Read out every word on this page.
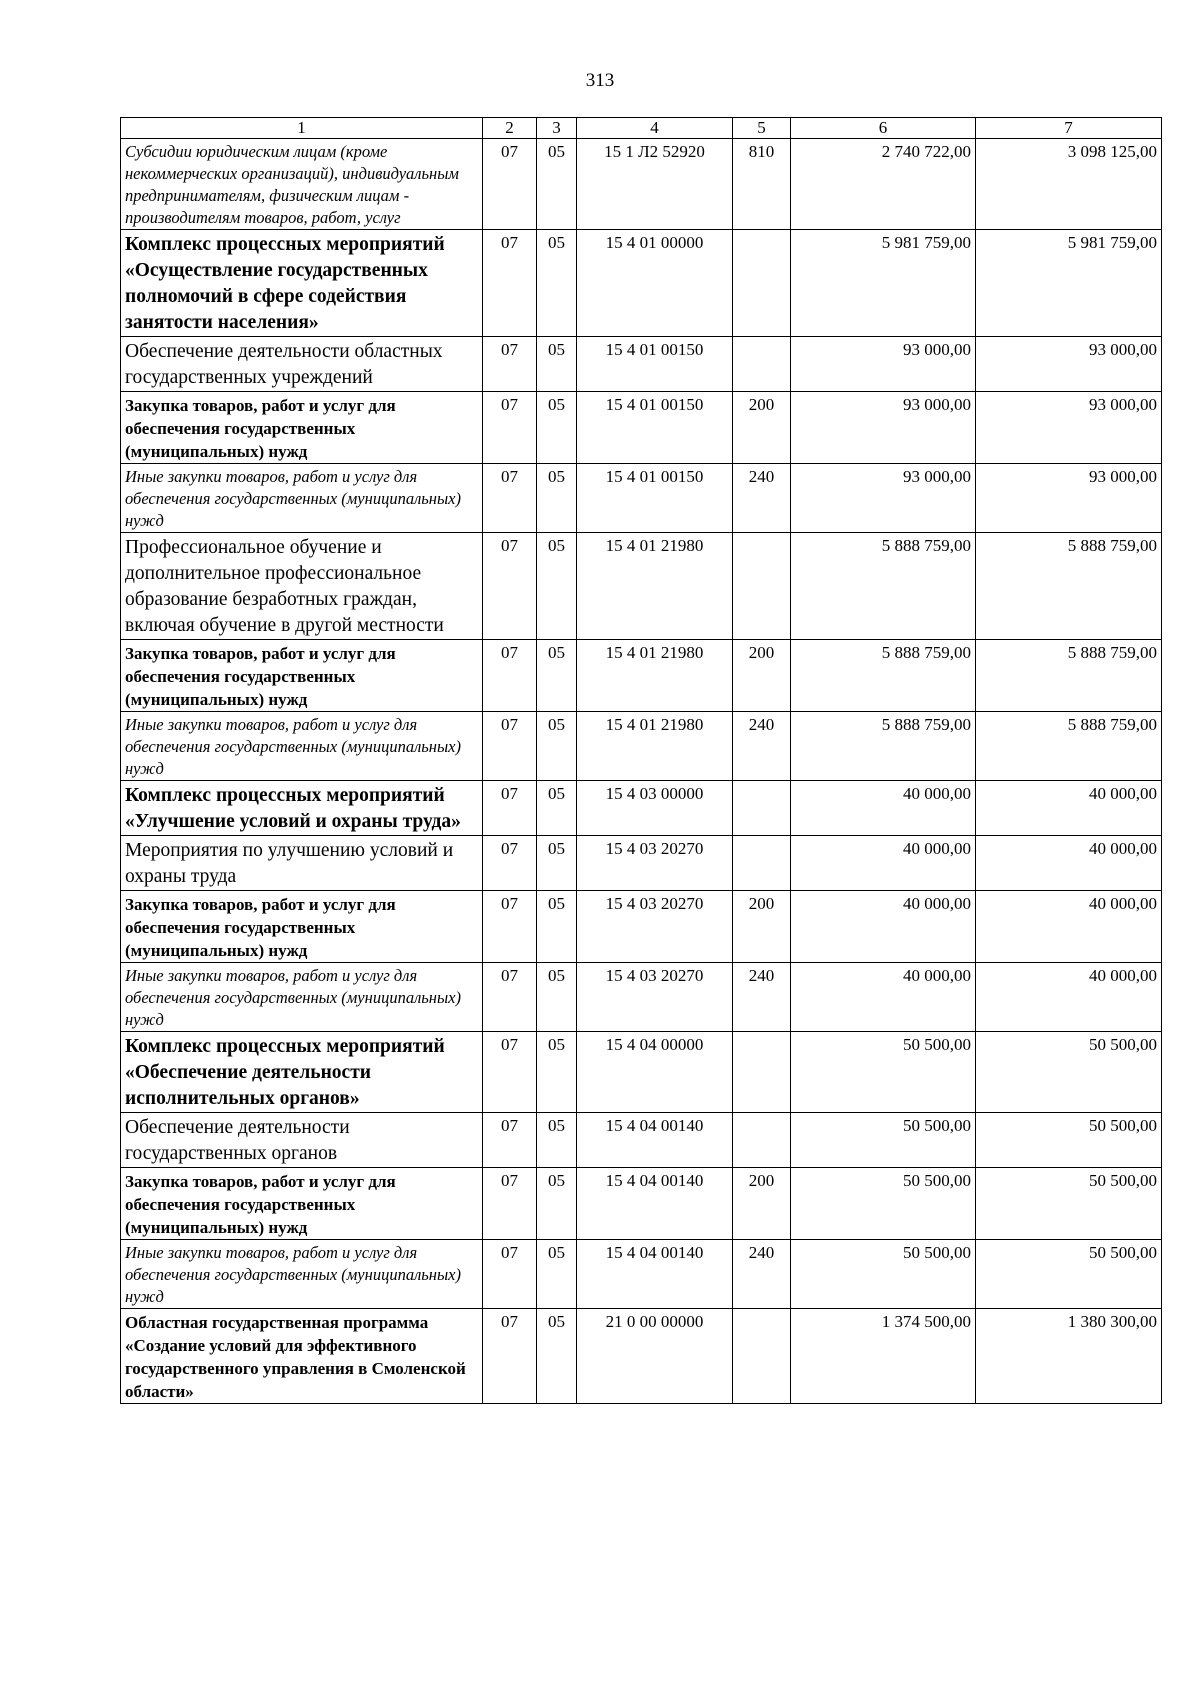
313
1	2	3	4	5	6	7
Субсидии юридическим лицам (кроме некоммерческих организаций), индивидуальным предпринимателям, физическим лицам - производителям товаров, работ, услуг	07	05	15 1 Л2 52920	810	2 740 722,00	3 098 125,00
Комплекс процессных мероприятий «Осуществление государственных полномочий в сфере содействия занятости населения»	07	05	15 4 01 00000		5 981 759,00	5 981 759,00
Обеспечение деятельности областных государственных учреждений	07	05	15 4 01 00150		93 000,00	93 000,00
Закупка товаров, работ и услуг для обеспечения государственных (муниципальных) нужд	07	05	15 4 01 00150	200	93 000,00	93 000,00
Иные закупки товаров, работ и услуг для обеспечения государственных (муниципальных) нужд	07	05	15 4 01 00150	240	93 000,00	93 000,00
Профессиональное обучение и дополнительное профессиональное образование безработных граждан, включая обучение в другой местности	07	05	15 4 01 21980		5 888 759,00	5 888 759,00
Закупка товаров, работ и услуг для обеспечения государственных (муниципальных) нужд	07	05	15 4 01 21980	200	5 888 759,00	5 888 759,00
Иные закупки товаров, работ и услуг для обеспечения государственных (муниципальных) нужд	07	05	15 4 01 21980	240	5 888 759,00	5 888 759,00
Комплекс процессных мероприятий «Улучшение условий и охраны труда»	07	05	15 4 03 00000		40 000,00	40 000,00
Мероприятия по улучшению условий и охраны труда	07	05	15 4 03 20270		40 000,00	40 000,00
Закупка товаров, работ и услуг для обеспечения государственных (муниципальных) нужд	07	05	15 4 03 20270	200	40 000,00	40 000,00
Иные закупки товаров, работ и услуг для обеспечения государственных (муниципальных) нужд	07	05	15 4 03 20270	240	40 000,00	40 000,00
Комплекс процессных мероприятий «Обеспечение деятельности исполнительных органов»	07	05	15 4 04 00000		50 500,00	50 500,00
Обеспечение деятельности государственных органов	07	05	15 4 04 00140		50 500,00	50 500,00
Закупка товаров, работ и услуг для обеспечения государственных (муниципальных) нужд	07	05	15 4 04 00140	200	50 500,00	50 500,00
Иные закупки товаров, работ и услуг для обеспечения государственных (муниципальных) нужд	07	05	15 4 04 00140	240	50 500,00	50 500,00
Областная государственная программа «Создание условий для эффективного государственного управления в Смоленской области»	07	05	21 0 00 00000		1 374 500,00	1 380 300,00
